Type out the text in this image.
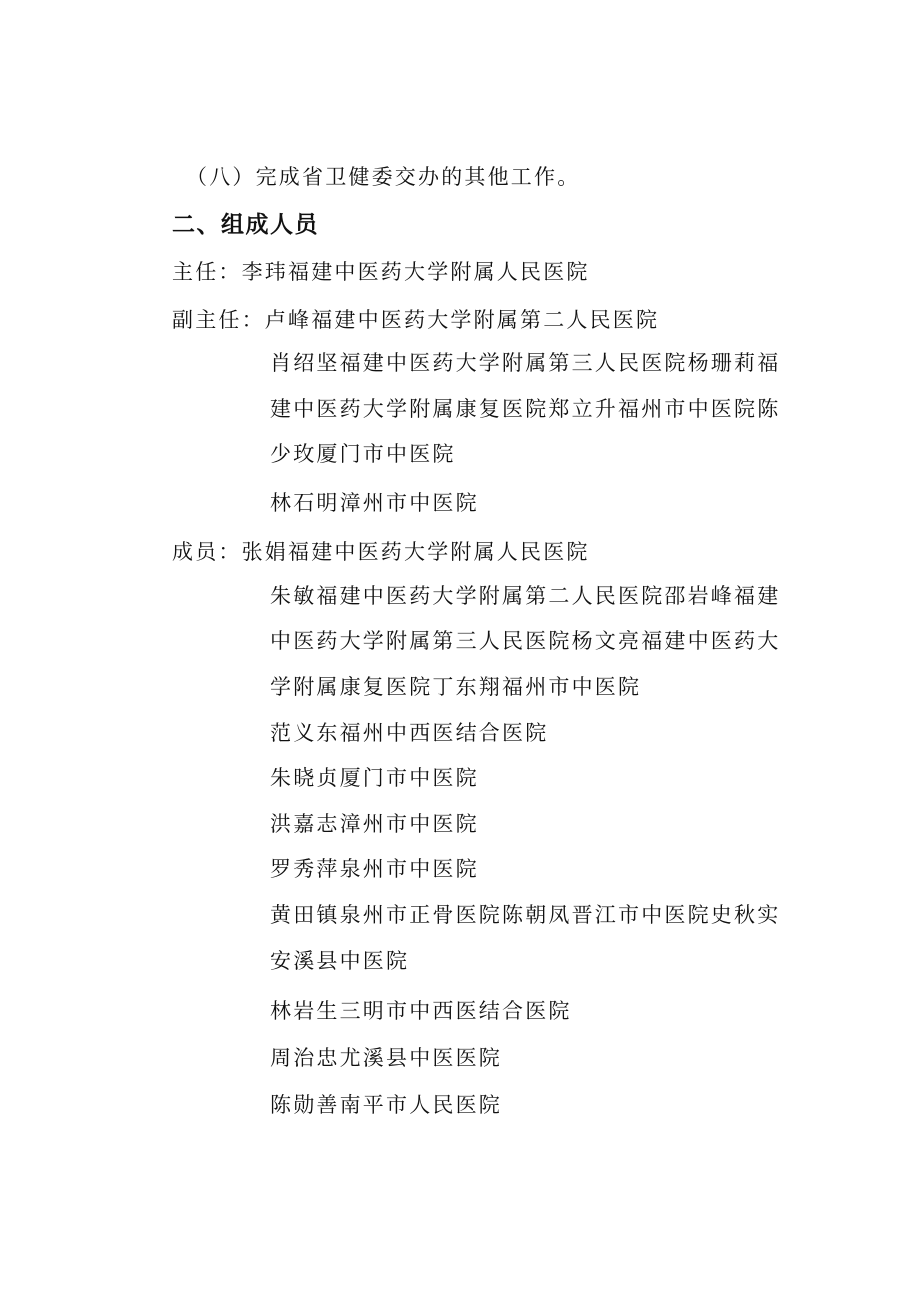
（八）完成省卫健委交办的其他工作。
二、组成人员
主任：李玮福建中医药大学附属人民医院
副主任：卢峰福建中医药大学附属第二人民医院
肖绍坚福建中医药大学附属第三人民医院杨珊莉福
建中医药大学附属康复医院郑立升福州市中医院陈
少玫厦门市中医院
林石明漳州市中医院
成员：张娟福建中医药大学附属人民医院
朱敏福建中医药大学附属第二人民医院邵岩峰福建
中医药大学附属第三人民医院杨文亮福建中医药大
学附属康复医院丁东翔福州市中医院
范义东福州中西医结合医院
朱晓贞厦门市中医院
洪嘉志漳州市中医院
罗秀萍泉州市中医院
黄田镇泉州市正骨医院陈朝凤晋江市中医院史秋实
安溪县中医院
林岩生三明市中西医结合医院
周治忠尤溪县中医医院
陈勋善南平市人民医院
